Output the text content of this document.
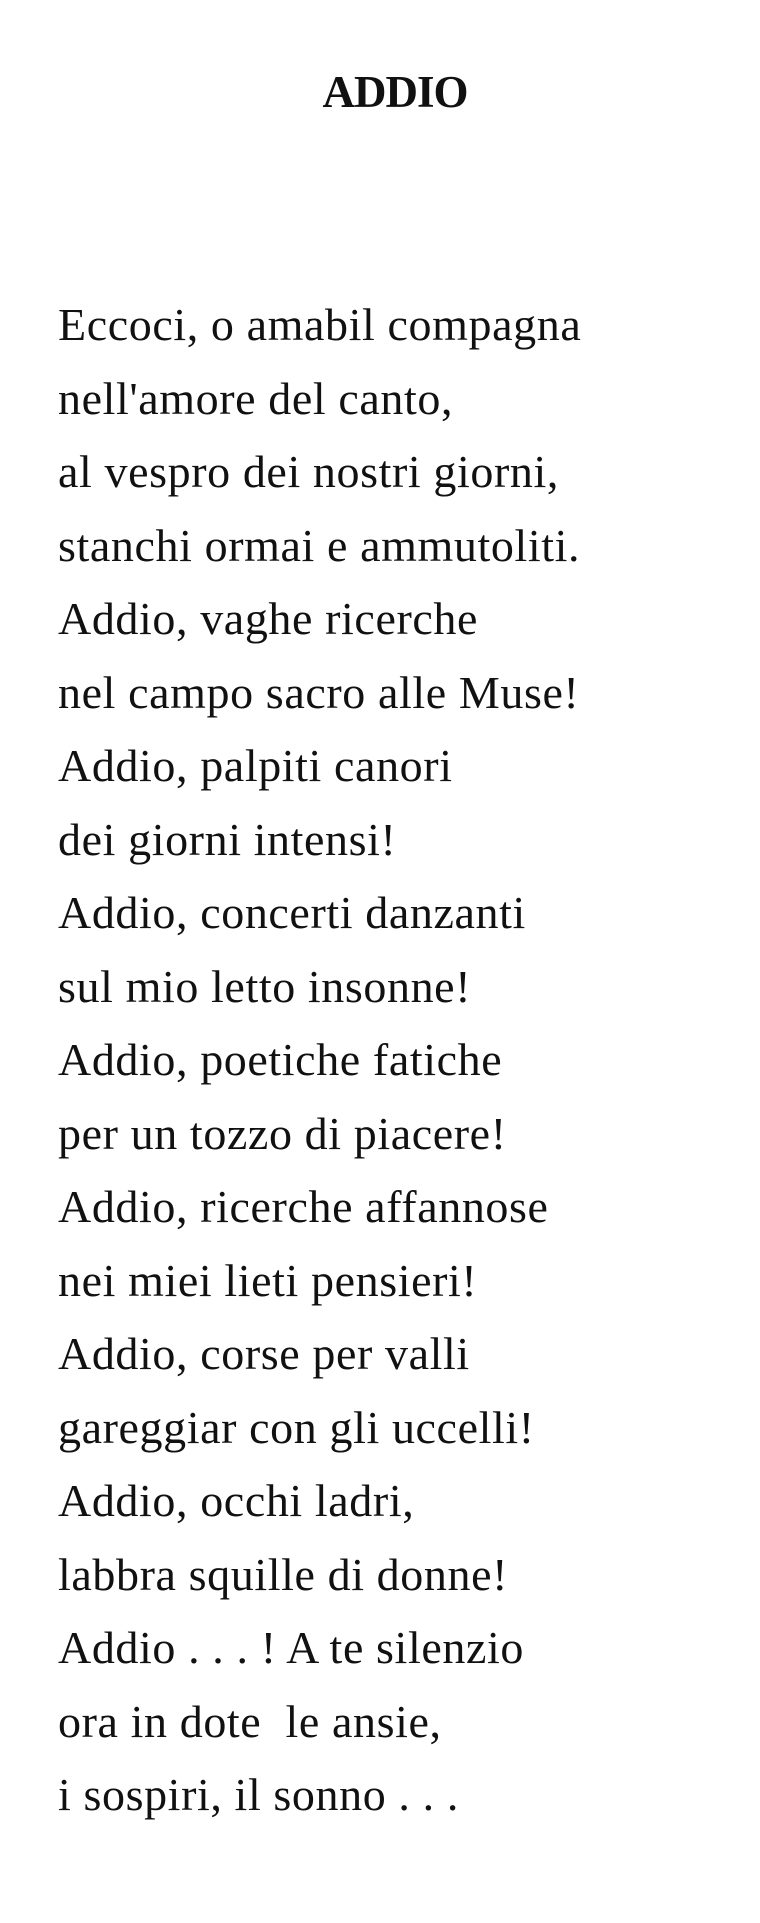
ADDIO
Eccoci, o amabil compagna
nell'amore del canto,
al vespro dei nostri giorni,
stanchi ormai e ammutoliti.
Addio, vaghe ricerche
nel campo sacro alle Muse!
Addio, palpiti canori
dei giorni intensi!
Addio, concerti danzanti
sul mio letto insonne!
Addio, poetiche fatiche
per un tozzo di piacere!
Addio, ricerche affannose
nei miei lieti pensieri!
Addio, corse per valli
gareggiar con gli uccelli!
Addio, occhi ladri,
labbra squille di donne!
Addio . . . ! A te silenzio
ora in dote  le ansie,
i sospiri, il sonno . . .
